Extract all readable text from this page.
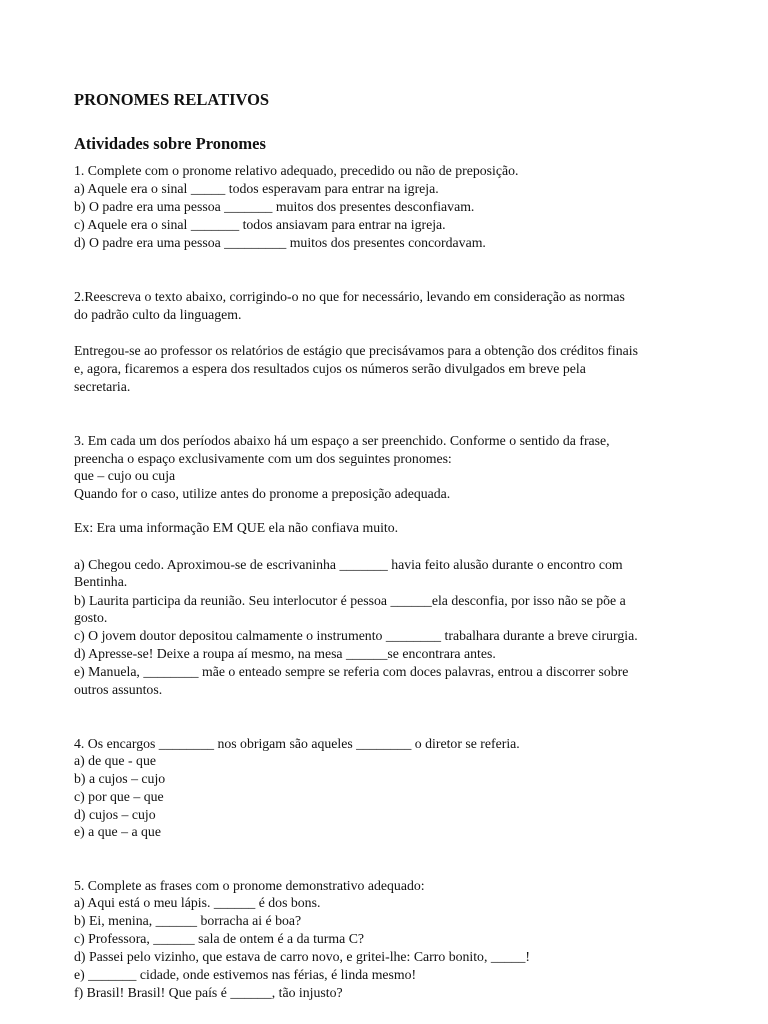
PRONOMES RELATIVOS
Atividades sobre Pronomes

1. Complete com o pronome relativo adequado, precedido ou não de preposição.

a) Aquele era o sinal _____ todos esperavam para entrar na igreja.

b) O padre era uma pessoa _______ muitos dos presentes desconfiavam.

c) Aquele era o sinal _______ todos ansiavam para entrar na igreja.

d) O padre era uma pessoa _________ muitos dos presentes concordavam.

2.Reescreva o texto abaixo, corrigindo-o no que for necessário, levando em consideração as normas

do padrão culto da linguagem.

Entregou-se ao professor os relatórios de estágio que precisávamos para a obtenção dos créditos finais

e, agora, ficaremos a espera dos resultados cujos os números serão divulgados em breve pela

secretaria.

3. Em cada um dos períodos abaixo há um espaço a ser preenchido. Conforme o sentido da frase,

preencha o espaço exclusivamente com um dos seguintes pronomes:

que – cujo ou cuja

Quando for o caso, utilize antes do pronome a preposição adequada.

Ex: Era uma informação EM QUE ela não confiava muito.

a) Chegou cedo. Aproximou-se de escrivaninha _______ havia feito alusão durante o encontro com

Bentinha.

b) Laurita participa da reunião. Seu interlocutor é pessoa ______ela desconfia, por isso não se põe a

gosto.

c) O jovem doutor depositou calmamente o instrumento ________ trabalhara durante a breve cirurgia.

d) Apresse-se! Deixe a roupa aí mesmo, na mesa ______se encontrara antes.

e) Manuela, ________ mãe o enteado sempre se referia com doces palavras, entrou a discorrer sobre

outros assuntos.

4. Os encargos ________ nos obrigam são aqueles ________ o diretor se referia.

a) de que - que

b) a cujos – cujo

c) por que – que

d) cujos – cujo

e) a que – a que

5. Complete as frases com o pronome demonstrativo adequado:

a) Aqui está o meu lápis. ______ é dos bons.

b) Ei, menina, ______ borracha ai é boa?

c) Professora, ______ sala de ontem é a da turma C?

d) Passei pelo vizinho, que estava de carro novo, e gritei-lhe: Carro bonito, _____!

e) _______ cidade, onde estivemos nas férias, é linda mesmo!

f) Brasil! Brasil! Que país é ______, tão injusto?
